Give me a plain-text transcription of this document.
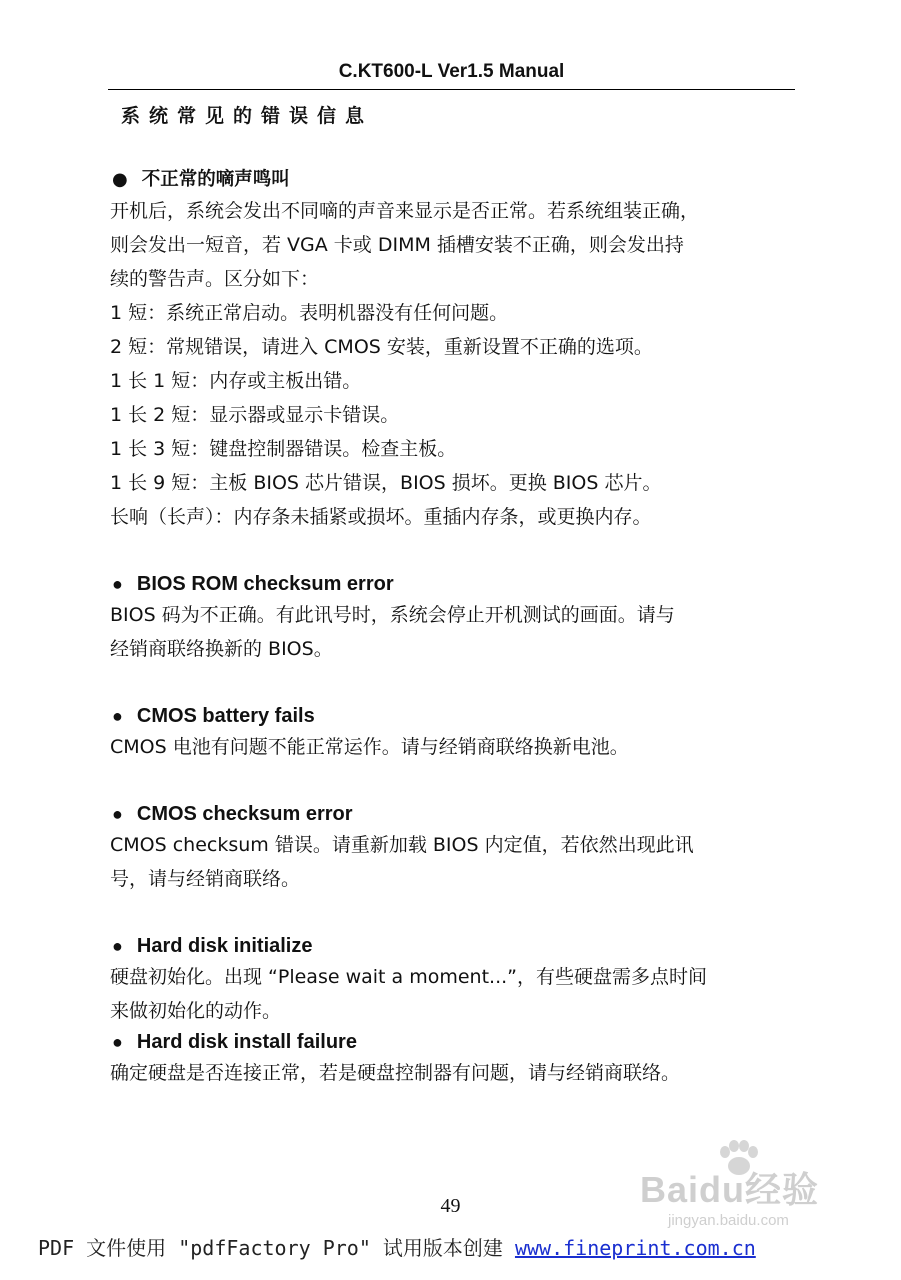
C.KT600-L Ver1.5 Manual
系统常见的错误信息
● 不正常的嘀声鸣叫
开机后，系统会发出不同嘀的声音来显示是否正常。若系统组装正确，
则会发出一短音，若 VGA 卡或 DIMM 插槽安装不正确，则会发出持
续的警告声。区分如下：
1 短：系统正常启动。表明机器没有任何问题。
2 短：常规错误，请进入 CMOS 安装，重新设置不正确的选项。
1 长 1 短：内存或主板出错。
1 长 2 短：显示器或显示卡错误。
1 长 3 短：键盘控制器错误。检查主板。
1 长 9 短：主板 BIOS 芯片错误，BIOS 损坏。更换 BIOS 芯片。
长响（长声）：内存条未插紧或损坏。重插内存条，或更换内存。
● BIOS ROM checksum error
BIOS 码为不正确。有此讯号时，系统会停止开机测试的画面。请与
经销商联络换新的 BIOS。
● CMOS battery fails
CMOS 电池有问题不能正常运作。请与经销商联络换新电池。
● CMOS checksum error
CMOS checksum 错误。请重新加载 BIOS 内定值，若依然出现此讯
号，请与经销商联络。
● Hard disk initialize
硬盘初始化。出现 “Please wait a moment...”，有些硬盘需多点时间
来做初始化的动作。
● Hard disk install failure
确定硬盘是否连接正常，若是硬盘控制器有问题，请与经销商联络。
Baidu经验
jingyan.baidu.com
49
PDF 文件使用 "pdfFactory Pro" 试用版本创建 www.fineprint.com.cn
